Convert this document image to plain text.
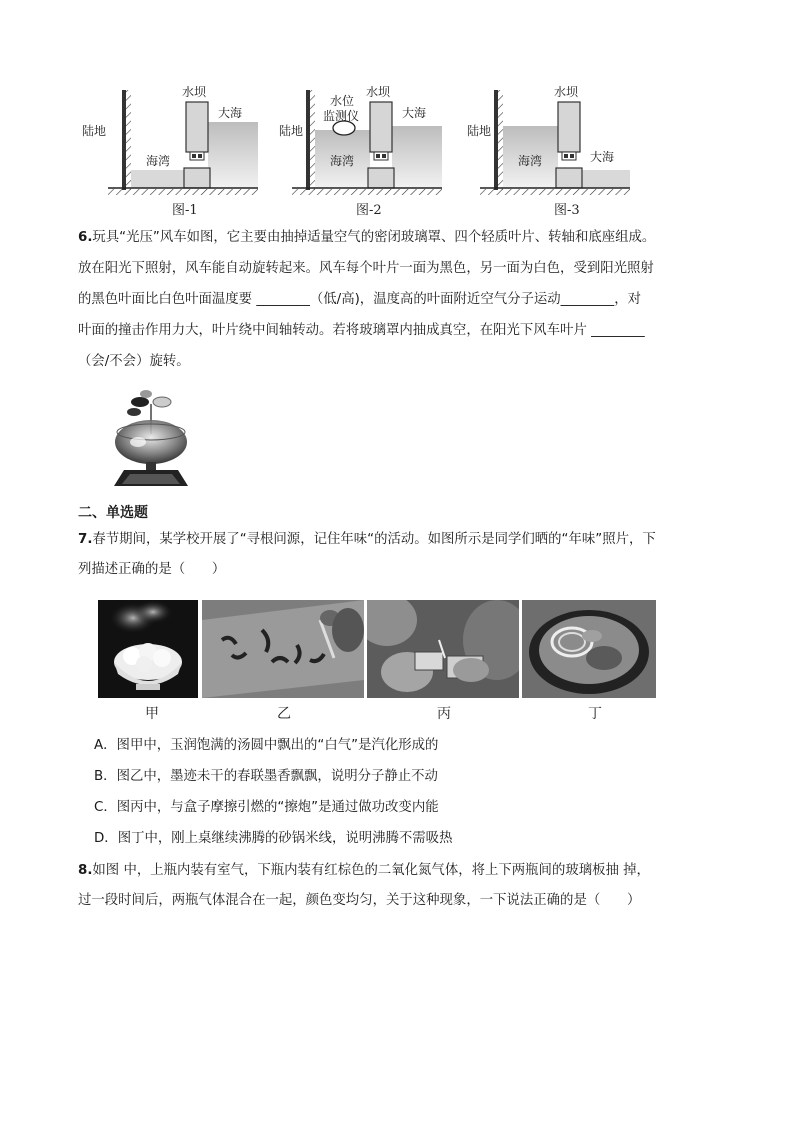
陆地
水坝
大海
海湾
图-1
陆地
水位
监测仪
水坝
大海
海湾
图-2
陆地
水坝
大海
海湾
图-3
6.玩具“光压”风车如图，它主要由抽掉适量空气的密闭玻璃罩、四个轻质叶片、转轴和底座组成。
放在阳光下照射，风车能自动旋转起来。风车每个叶片一面为黑色，另一面为白色，受到阳光照射
的黑色叶面比白色叶面温度要 ________（低/高)，温度高的叶面附近空气分子运动________，对
叶面的撞击作用力大，叶片绕中间轴转动。若将玻璃罩内抽成真空，在阳光下风车叶片 ________
（会/不会）旋转。
二、单选题
7.春节期间，某学校开展了“寻根问源，记住年味“的活动。如图所示是同学们晒的“年味”照片，下
列描述正确的是（　　）
甲	乙	丙	丁
A．图甲中，玉润饱满的汤圆中飘出的“白气”是汽化形成的
B．图乙中，墨迹未干的春联墨香飘飘，说明分子静止不动
C．图丙中，与盒子摩擦引燃的“擦炮”是通过做功改变内能
D．图丁中，刚上桌继续沸腾的砂锅米线，说明沸腾不需吸热
8.如图 中，上瓶内装有室气，下瓶内装有红棕色的二氧化氮气体，将上下两瓶间的玻璃板抽 掉，
过一段时间后，两瓶气体混合在一起，颜色变均匀，关于这种现象，一下说法正确的是（　　）
